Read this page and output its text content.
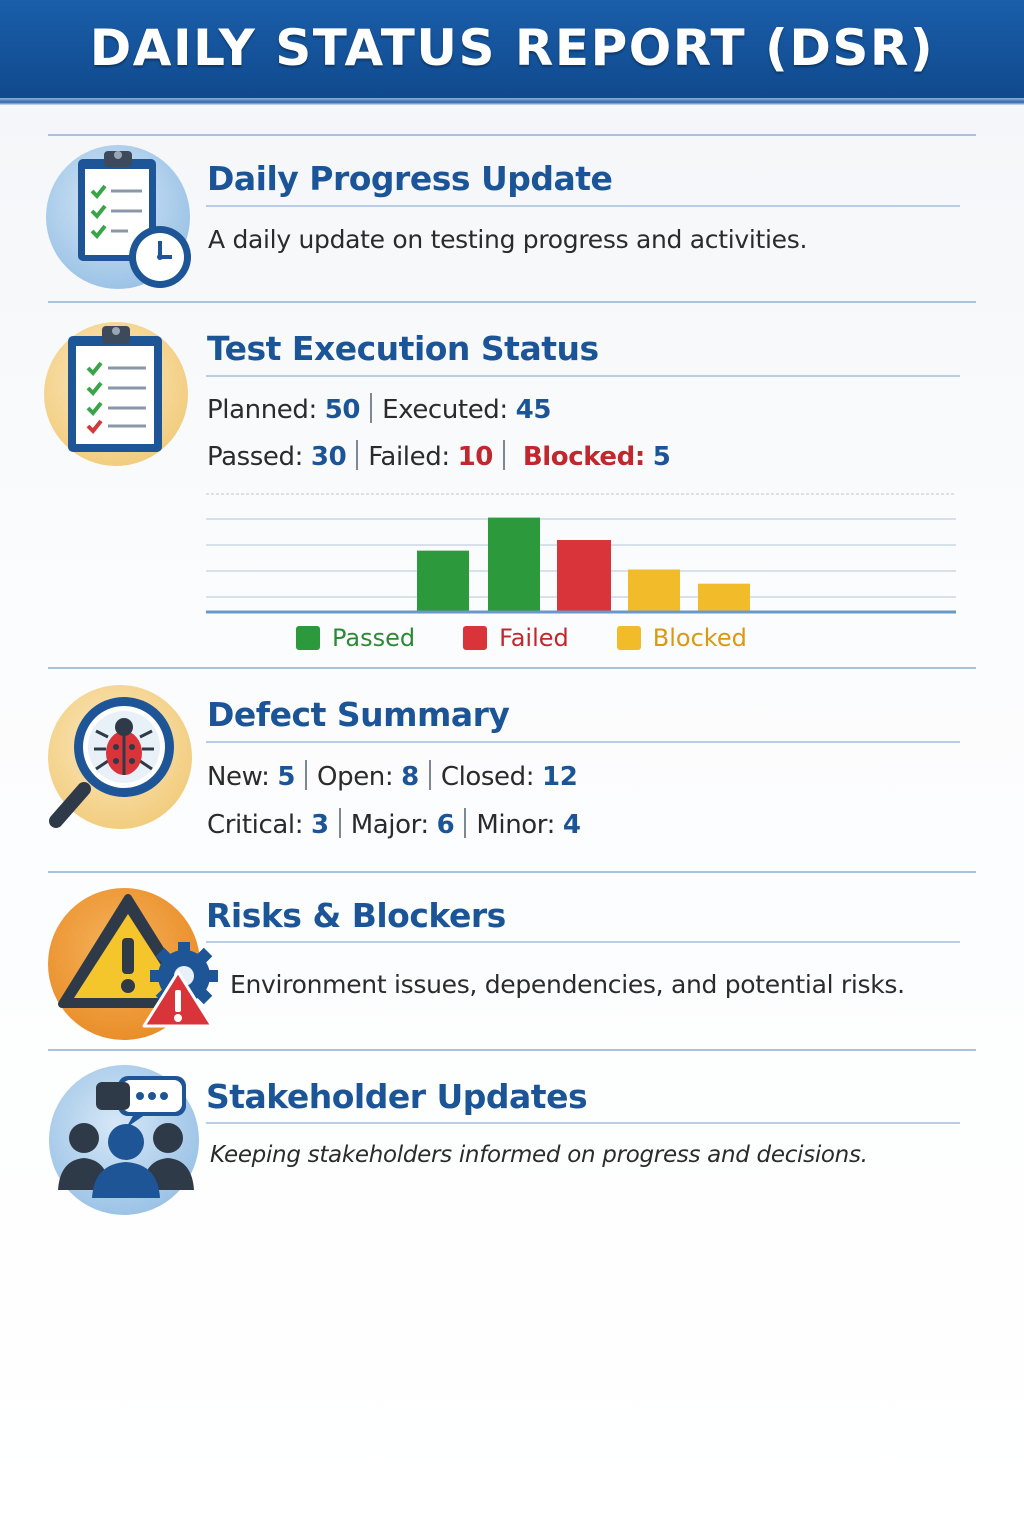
DAILY STATUS REPORT (DSR)
Daily Progress Update

A daily update on testing progress and activities.

Test Execution Status

Planned: 50 Executed: 45

Passed: 30 Failed: 10 Blocked: 5

Passed	Failed	Blocked
Defect Summary

New: 5 Open: 8 Closed: 12

Critical: 3 Major: 6 Minor: 4

Risks & Blockers

Environment issues, dependencies, and potential risks.

Stakeholder Updates

Keeping stakeholders informed on progress and decisions.
